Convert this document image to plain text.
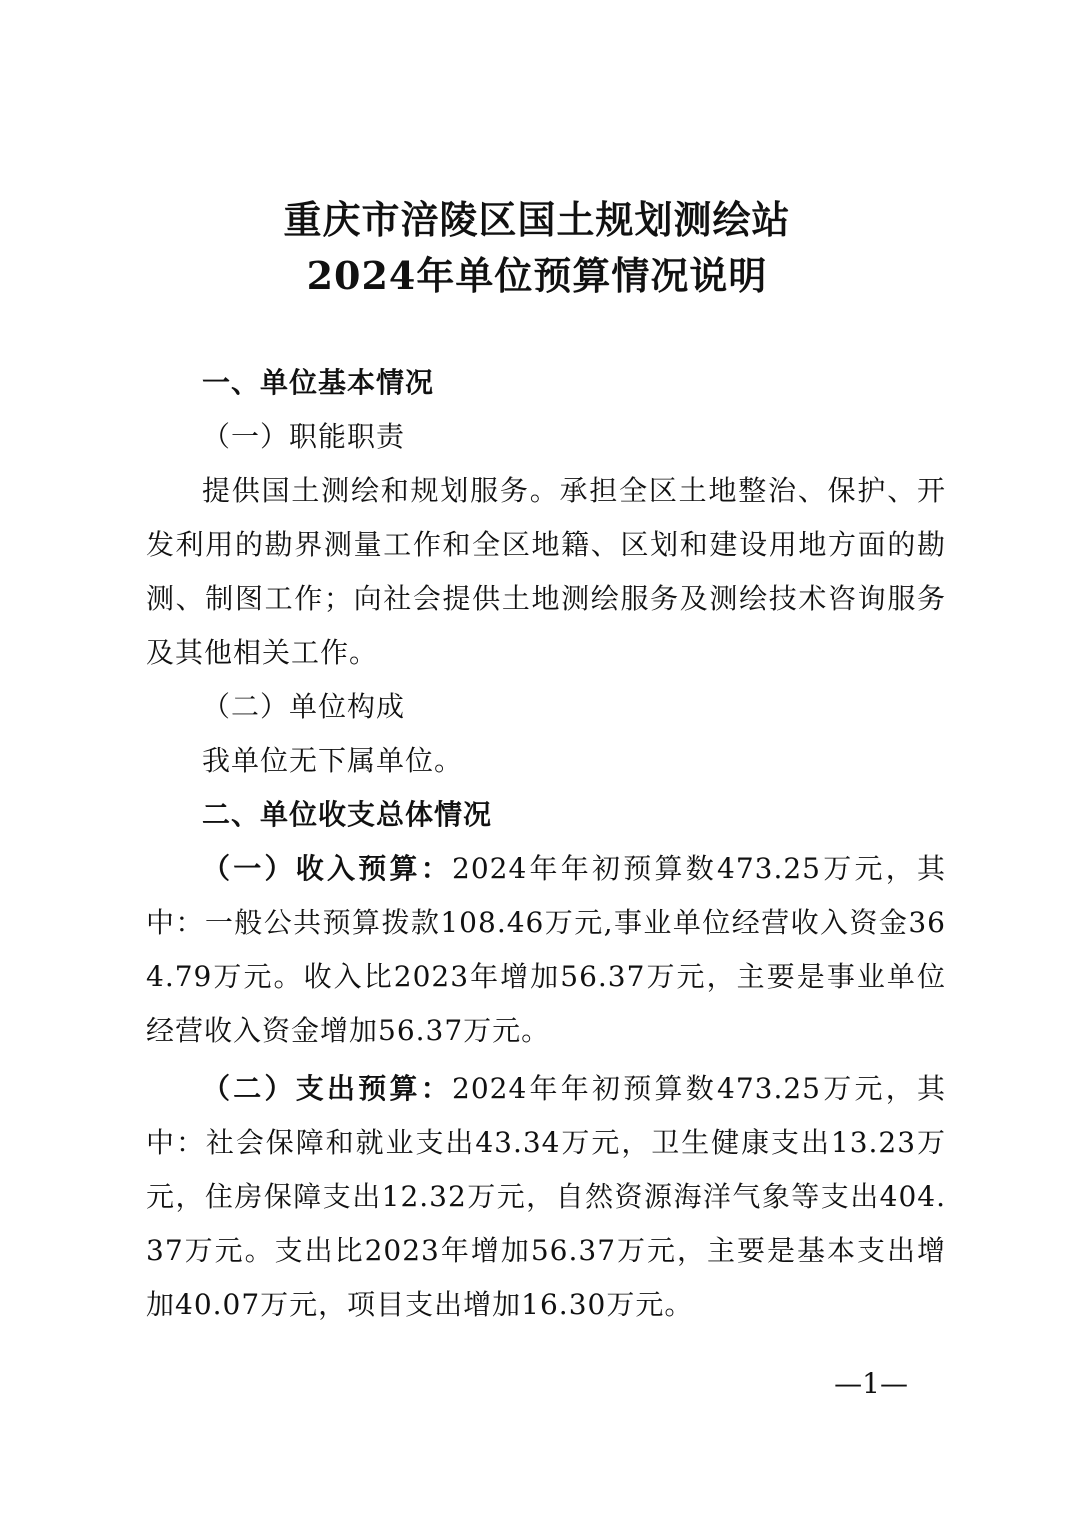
重庆市涪陵区国土规划测绘站
2024年单位预算情况说明

一、单位基本情况

（一）职能职责

提供国土测绘和规划服务。承担全区土地整治、保护、开发利用的勘界测量工作和全区地籍、区划和建设用地方面的勘测、制图工作；向社会提供土地测绘服务及测绘技术咨询服务及其他相关工作。

（二）单位构成

我单位无下属单位。

二、单位收支总体情况

（一）收入预算：2024年年初预算数473.25万元，其中：一般公共预算拨款108.46万元,事业单位经营收入资金364.79万元。收入比2023年增加56.37万元，主要是事业单位经营收入资金增加56.37万元。

（二）支出预算：2024年年初预算数473.25万元，其中：社会保障和就业支出43.34万元，卫生健康支出13.23万元，住房保障支出12.32万元，自然资源海洋气象等支出404.37万元。支出比2023年增加56.37万元，主要是基本支出增加40.07万元，项目支出增加16.30万元。

—1—
